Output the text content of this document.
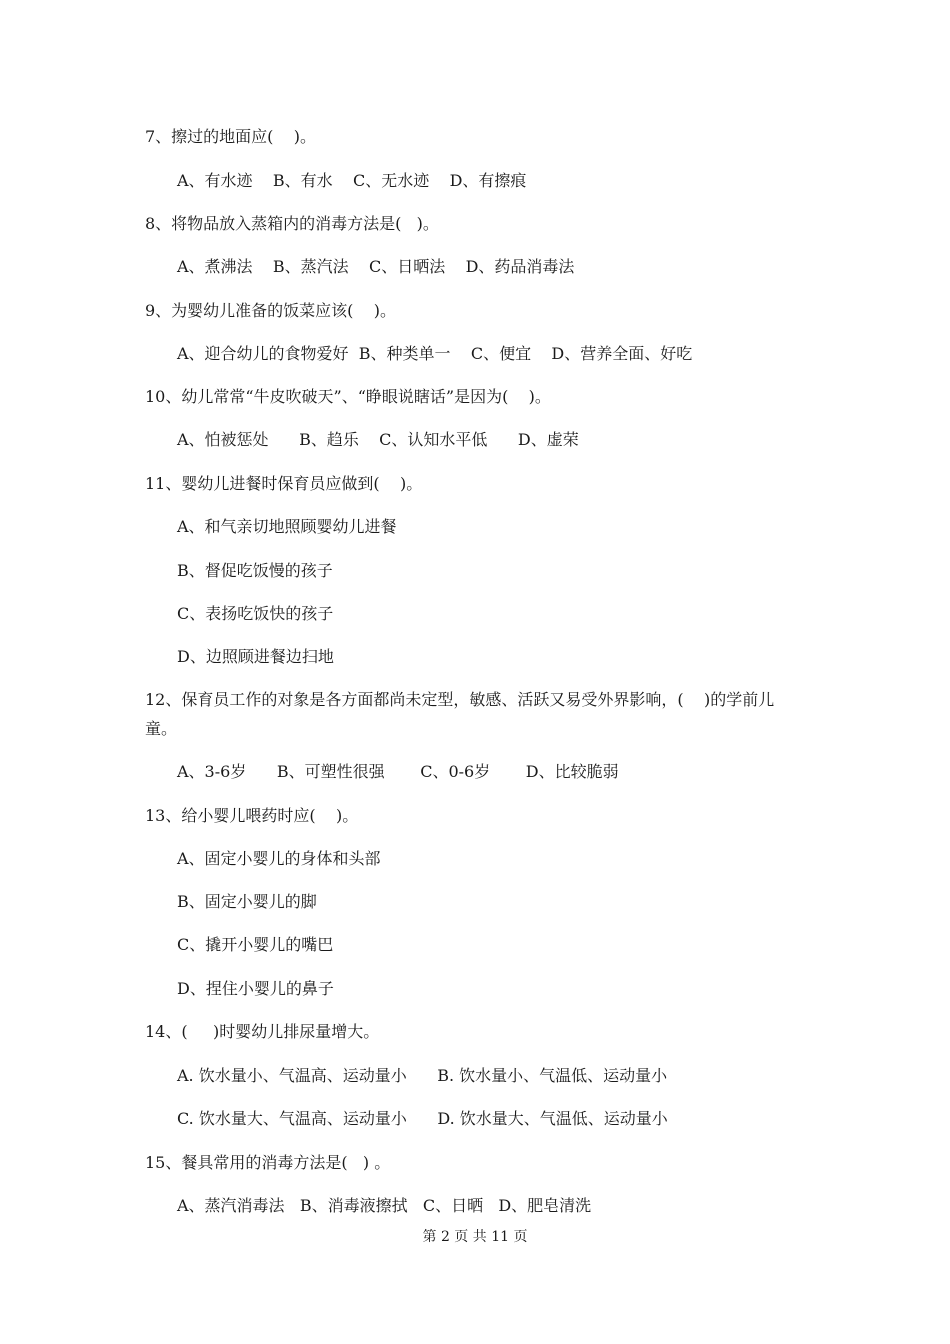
7、擦过的地面应(    )。
A、有水迹    B、有水    C、无水迹    D、有擦痕
8、将物品放入蒸箱内的消毒方法是(   )。
A、煮沸法    B、蒸汽法    C、日晒法    D、药品消毒法
9、为婴幼儿准备的饭菜应该(    )。
A、迎合幼儿的食物爱好  B、种类单一    C、便宜    D、营养全面、好吃
10、幼儿常常“牛皮吹破天”、“睁眼说瞎话”是因为(    )。
A、怕被惩处      B、趋乐    C、认知水平低      D、虚荣
11、婴幼儿进餐时保育员应做到(    )。
A、和气亲切地照顾婴幼儿进餐
B、督促吃饭慢的孩子
C、表扬吃饭快的孩子
D、边照顾进餐边扫地
12、保育员工作的对象是各方面都尚未定型，敏感、活跃又易受外界影响，(    )的学前儿
童。
A、3-6岁      B、可塑性很强       C、0-6岁       D、比较脆弱
13、给小婴儿喂药时应(    )。
A、固定小婴儿的身体和头部
B、固定小婴儿的脚
C、撬开小婴儿的嘴巴
D、捏住小婴儿的鼻子
14、(     )时婴幼儿排尿量增大。
A. 饮水量小、气温高、运动量小      B. 饮水量小、气温低、运动量小
C. 饮水量大、气温高、运动量小      D. 饮水量大、气温低、运动量小
15、餐具常用的消毒方法是(   ) 。
A、蒸汽消毒法   B、消毒液擦拭   C、日晒   D、肥皂清洗
第 2 页 共 11 页
